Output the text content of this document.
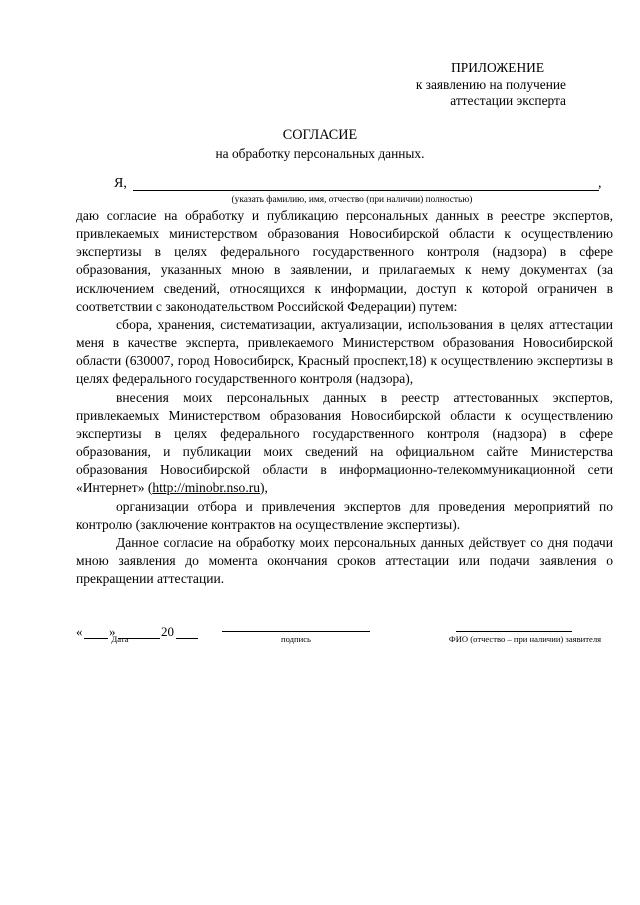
ПРИЛОЖЕНИЕ
к заявлению на получение
аттестации эксперта
СОГЛАСИЕ
на обработку персональных данных.
Я,	,
(указать фамилию, имя, отчество (при наличии) полностью)

даю согласие на обработку и публикацию персональных данных в реестре экспертов, привлекаемых министерством образования Новосибирской области к осуществлению экспертизы в целях федерального государственного контроля (надзора) в сфере образования, указанных мною в заявлении, и прилагаемых к нему документах (за исключением сведений, относящихся к информации, доступ к которой ограничен в соответствии с законодательством Российской Федерации) путем:

сбора, хранения, систематизации, актуализации, использования в целях аттестации меня в качестве эксперта, привлекаемого Министерством образования Новосибирской области (630007, город Новосибирск, Красный проспект,18) к осуществлению экспертизы в целях федерального государственного контроля (надзора),

внесения моих персональных данных в реестр аттестованных экспертов, привлекаемых Министерством образования Новосибирской области к осуществлению экспертизы в целях федерального государственного контроля (надзора) в сфере образования, и публикации моих сведений на официальном сайте Министерства образования Новосибирской области в информационно-телекоммуникационной сети «Интернет» (http://minobr.nso.ru),

организации отбора и привлечения экспертов для проведения мероприятий по контролю (заключение контрактов на осуществление экспертизы).

Данное согласие на обработку моих персональных данных действует со дня подачи мною заявления до момента окончания сроков аттестации или подачи заявления о прекращении аттестации.

« »	20
Дата	подпись	ФИО (отчество – при наличии) заявителя
